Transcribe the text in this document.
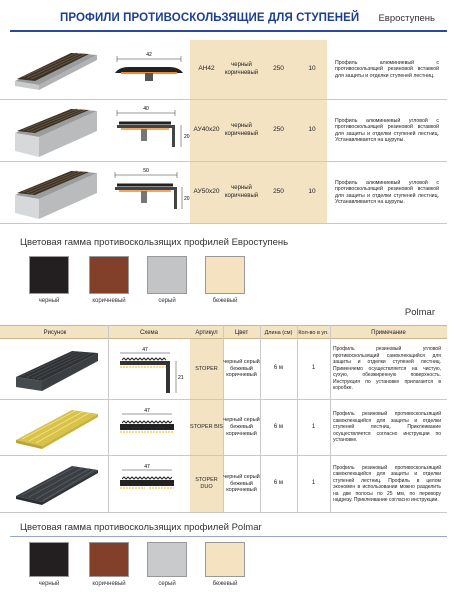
ПРОФИЛИ ПРОТИВОСКОЛЬЗЯЩИЕ ДЛЯ СТУПЕНЕЙ Евроступень
42
АН42
черный коричневый
250	10
Профиль алюминиевый с противоскользящей резиновой вставкой для защиты и отделки ступеней лестниц.
40
20
АУ40х20
черный коричневый
250	10
Профиль алюминиевый угловой с противоскользящей резиновой вставкой для защиты и отделки ступеней лестниц. Устанавливается на шурупы.
50
20
АУ50х20
черный коричневый
250	10
Профиль алюминиевый угловой с противоскользящей резиновой вставкой для защиты и отделки ступеней лестниц. Устанавливается на шурупы.
Цветовая гамма противоскользящих профилей Евроступень
черный	коричневый	серый	бежевый
Polmar
Рисунок	Схема	Артикул	Цвет	Длина (см)	Кол-во в уп.	Примечание
47
21
STOPER
черный серый бежевый коричневый
6 м	1
Профиль резиновый угловой противоскользящий самоклеющийся для защиты и отделки ступеней лестниц. Применяемо осуществляется на чистую, сухую, обезжиренную поверхность. Инструкция по установке прилагается в коробке.
47
STOPER BIS
черный серый бежевый коричневый
6 м	1
Профиль резиновый противоскользящий самоклеющийся для защиты и отделки ступеней лестниц. Приклеивание осуществляется согласно инструкции по установке.
47
STOPER DUO
черный серый бежевый коричневый
6 м	1
Профиль резиновый противоскользящий самоклеющийся для защиты и отделки ступеней лестниц. Профиль в целом экономен в использовании можно разделить на две полосы по 25 мм, по перевору надрезу. Приклеивание согласно инструкции.
Цветовая гамма противоскользящих профилей Polmar
черный	коричневый	серый	бежевый
